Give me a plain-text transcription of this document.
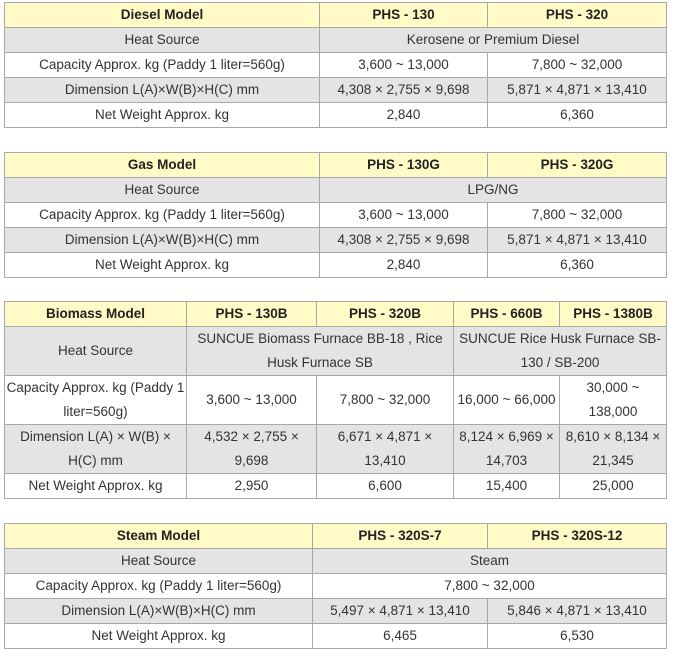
Diesel Model	PHS - 130	PHS - 320
Heat Source	Kerosene or Premium Diesel	
Capacity Approx. kg (Paddy 1 liter=560g)	3,600 ~ 13,000	7,800 ~ 32,000
Dimension L(A)×W(B)×H(C) mm	4,308 × 2,755 × 9,698	5,871 × 4,871 × 13,410
Net Weight Approx. kg	2,840	6,360
Gas Model	PHS - 130G	PHS - 320G
Heat Source	LPG/NG	
Capacity Approx. kg (Paddy 1 liter=560g)	3,600 ~ 13,000	7,800 ~ 32,000
Dimension L(A)×W(B)×H(C) mm	4,308 × 2,755 × 9,698	5,871 × 4,871 × 13,410
Net Weight Approx. kg	2,840	6,360
Biomass Model	PHS - 130B	PHS - 320B	PHS - 660B	PHS - 1380B
Heat Source	SUNCUE Biomass Furnace BB-18 , Rice Husk Furnace SB		SUNCUE Rice Husk Furnace SB-130 / SB-200	
Capacity Approx. kg (Paddy 1 liter=560g)	3,600 ~ 13,000	7,800 ~ 32,000	16,000 ~ 66,000	30,000 ~ 138,000
Dimension L(A) × W(B) × H(C) mm	4,532 × 2,755 × 9,698	6,671 × 4,871 × 13,410	8,124 × 6,969 × 14,703	8,610 × 8,134 × 21,345
Net Weight Approx. kg	2,950	6,600	15,400	25,000
Steam Model	PHS - 320S-7	PHS - 320S-12
Heat Source	Steam	
Capacity Approx. kg (Paddy 1 liter=560g)	7,800 ~ 32,000	
Dimension L(A)×W(B)×H(C) mm	5,497 × 4,871 × 13,410	5,846 × 4,871 × 13,410
Net Weight Approx. kg	6,465	6,530
